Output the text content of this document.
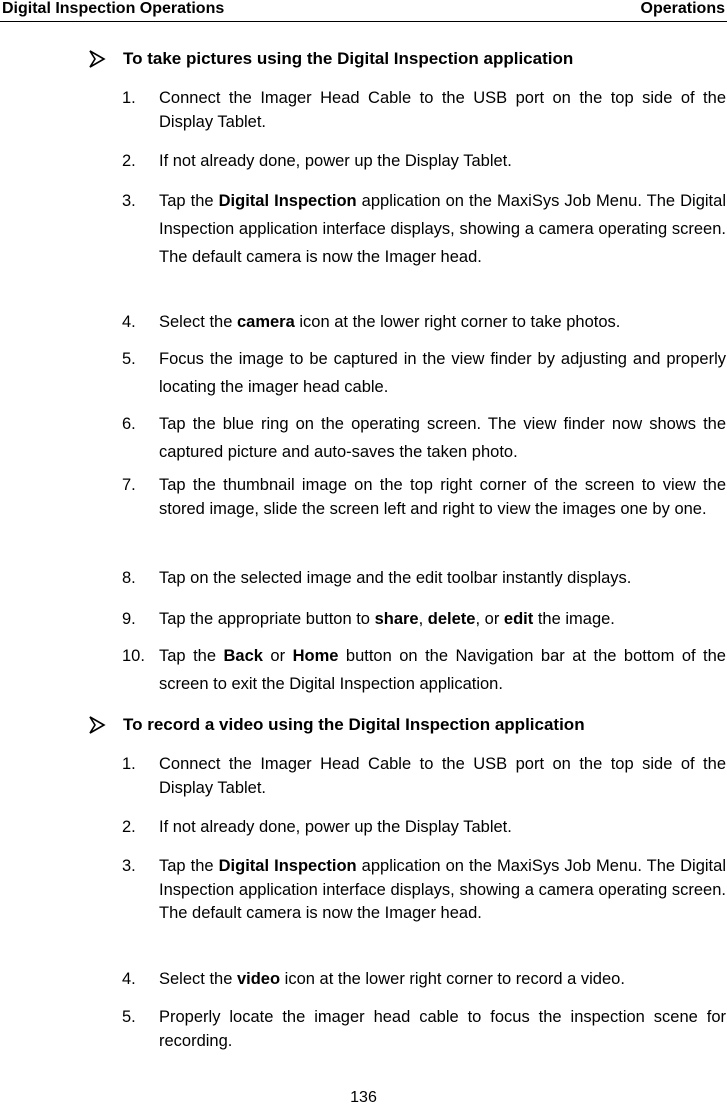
Digital Inspection Operations	Operations
To take pictures using the Digital Inspection application
1. Connect the Imager Head Cable to the USB port on the top side of the Display Tablet.
2. If not already done, power up the Display Tablet.
3. Tap the Digital Inspection application on the MaxiSys Job Menu. The Digital Inspection application interface displays, showing a camera operating screen. The default camera is now the Imager head.
4. Select the camera icon at the lower right corner to take photos.
5. Focus the image to be captured in the view finder by adjusting and properly locating the imager head cable.
6. Tap the blue ring on the operating screen. The view finder now shows the captured picture and auto-saves the taken photo.
7. Tap the thumbnail image on the top right corner of the screen to view the stored image, slide the screen left and right to view the images one by one.
8. Tap on the selected image and the edit toolbar instantly displays.
9. Tap the appropriate button to share, delete, or edit the image.
10. Tap the Back or Home button on the Navigation bar at the bottom of the screen to exit the Digital Inspection application.
To record a video using the Digital Inspection application
1. Connect the Imager Head Cable to the USB port on the top side of the Display Tablet.
2. If not already done, power up the Display Tablet.
3. Tap the Digital Inspection application on the MaxiSys Job Menu. The Digital Inspection application interface displays, showing a camera operating screen. The default camera is now the Imager head.
4. Select the video icon at the lower right corner to record a video.
5. Properly locate the imager head cable to focus the inspection scene for recording.
136
